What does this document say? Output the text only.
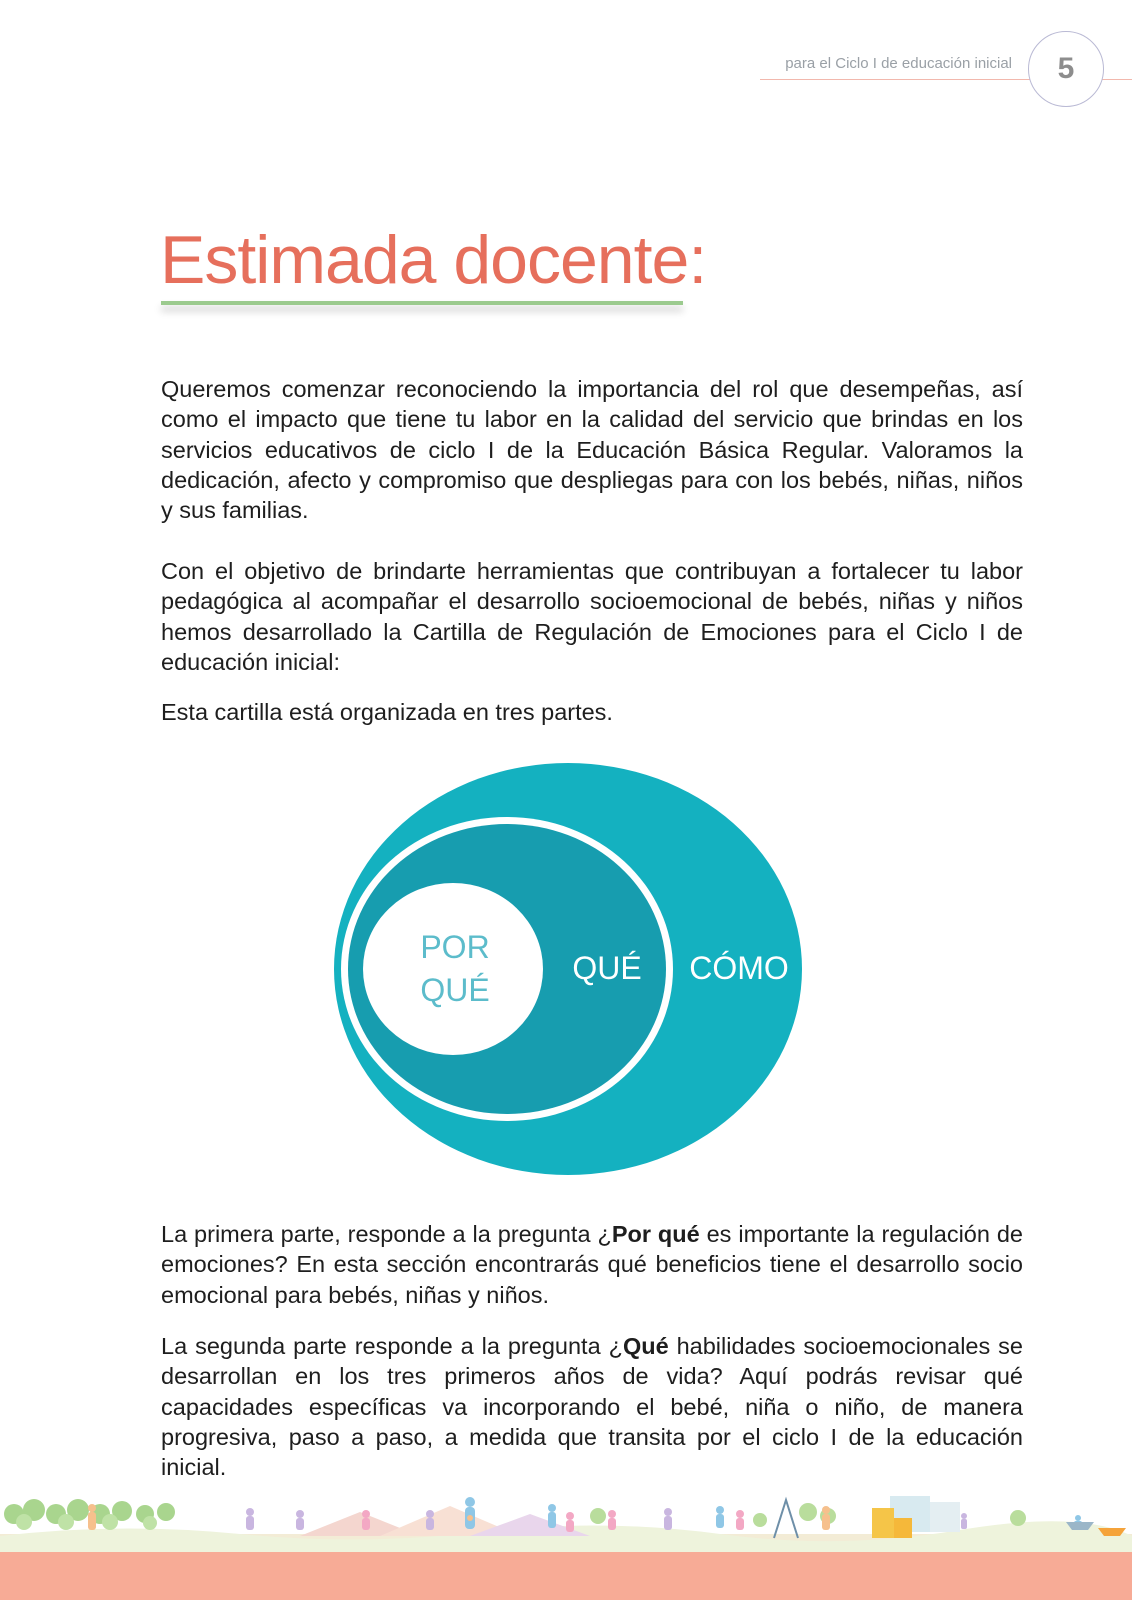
para el Ciclo I de educación inicial	5
Estimada docente:

Queremos comenzar reconociendo la importancia del rol que desempeñas, así como el impacto que tiene tu labor en la calidad del servicio que brindas en los servicios educativos de ciclo I de la Educación Básica Regular. Valoramos la dedicación, afecto y compromiso que despliegas para con los bebés, niñas, niños y sus familias.

Con el objetivo de brindarte herramientas que contribuyan a fortalecer tu labor pedagógica al acompañar el desarrollo socioemocional de bebés, niñas y niños hemos desarrollado la Cartilla de Regulación de Emociones para el Ciclo I de educación inicial:

Esta cartilla está organizada en tres partes.

POR
QUÉ
QUÉ CÓMO

La primera parte, responde a la pregunta ¿Por qué es importante la regulación de emociones? En esta sección encontrarás qué beneficios tiene el desarrollo socio emocional para bebés, niñas y niños.

La segunda parte responde a la pregunta ¿Qué habilidades socioemocionales se desarrollan en los tres primeros años de vida? Aquí podrás revisar qué capacidades específicas va incorporando el bebé, niña o niño, de manera progresiva, paso a paso, a medida que transita por el ciclo I de la educación inicial.
